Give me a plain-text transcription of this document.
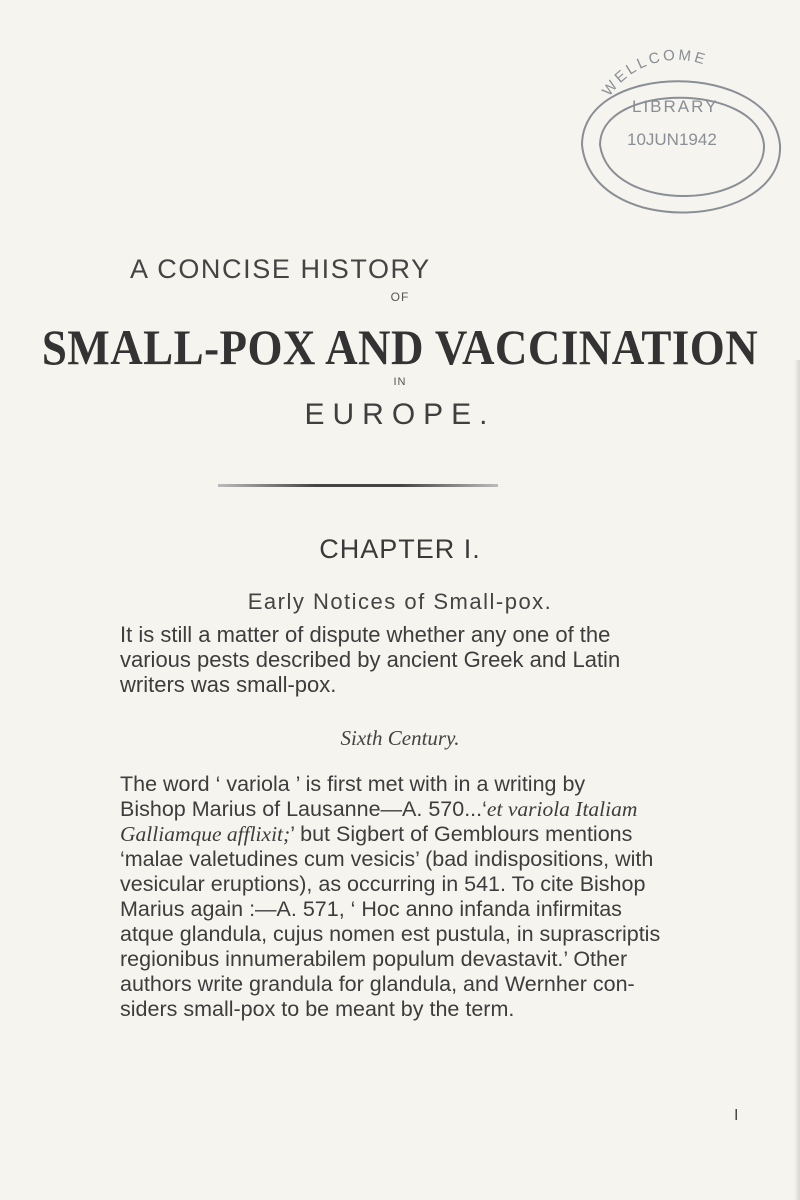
WELLCOME
LIBRARY
10JUN1942
A CONCISE HISTORY
OF
SMALL-POX AND VACCINATION
IN
EUROPE.
CHAPTER I.
Early Notices of Small-pox.
It is still a matter of dispute whether any one of the
various pests described by ancient Greek and Latin
writers was small-pox.
Sixth Century.
The word ‘ variola ’ is first met with in a writing by
Bishop Marius of Lausanne—A. 570...‘et variola Italiam
Galliamque afflixit;’ but Sigbert of Gemblours mentions
‘malae valetudines cum vesicis’ (bad indispositions, with
vesicular eruptions), as occurring in 541. To cite Bishop
Marius again :—A. 571, ‘ Hoc anno infanda infirmitas
atque glandula, cujus nomen est pustula, in suprascriptis
regionibus innumerabilem populum devastavit.’ Other
authors write grandula for glandula, and Wernher con-
siders small-pox to be meant by the term.
I
